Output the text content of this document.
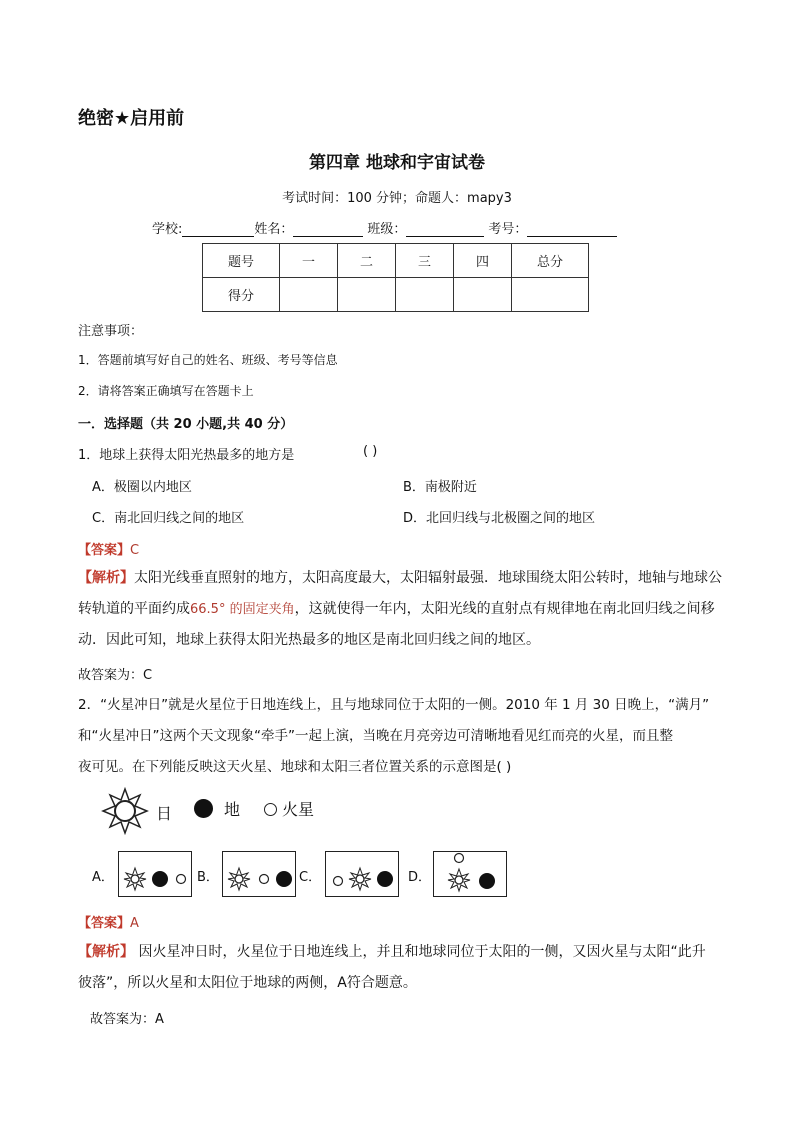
绝密★启用前
第四章 地球和宇宙试卷
考试时间：100 分钟；命题人：mapy3
学校:	姓名：	班级：	考号：
题号	一	二	三	四	总分
得分					
注意事项：
1．答题前填写好自己的姓名、班级、考号等信息
2．请将答案正确填写在答题卡上
一．选择题（共 20 小题,共 40 分）
1．地球上获得太阳光热最多的地方是	( )
A．极圈以内地区	B．南极附近
C．南北回归线之间的地区	D．北回归线与北极圈之间的地区
【答案】C
【解析】太阳光线垂直照射的地方，太阳高度最大，太阳辐射最强．地球围绕太阳公转时，地轴与地球公
转轨道的平面约成66.5° 的固定夹角，这就使得一年内，太阳光线的直射点有规律地在南北回归线之间移
动．因此可知，地球上获得太阳光热最多的地区是南北回归线之间的地区。
故答案为：C
2．“火星冲日”就是火星位于日地连线上，且与地球同位于太阳的一侧。2010 年 1 月 30 日晚上，“满月”
和“火星冲日”这两个天文现象“牵手”一起上演，当晚在月亮旁边可清晰地看见红而亮的火星，而且整
夜可见。在下列能反映这天火星、地球和太阳三者位置关系的示意图是( )
日	地	火星
A．	B．	C．	D．
【答案】A
【解析】 因火星冲日时，火星位于日地连线上，并且和地球同位于太阳的一侧，又因火星与太阳“此升
彼落”，所以火星和太阳位于地球的两侧，A符合题意。
故答案为：A
